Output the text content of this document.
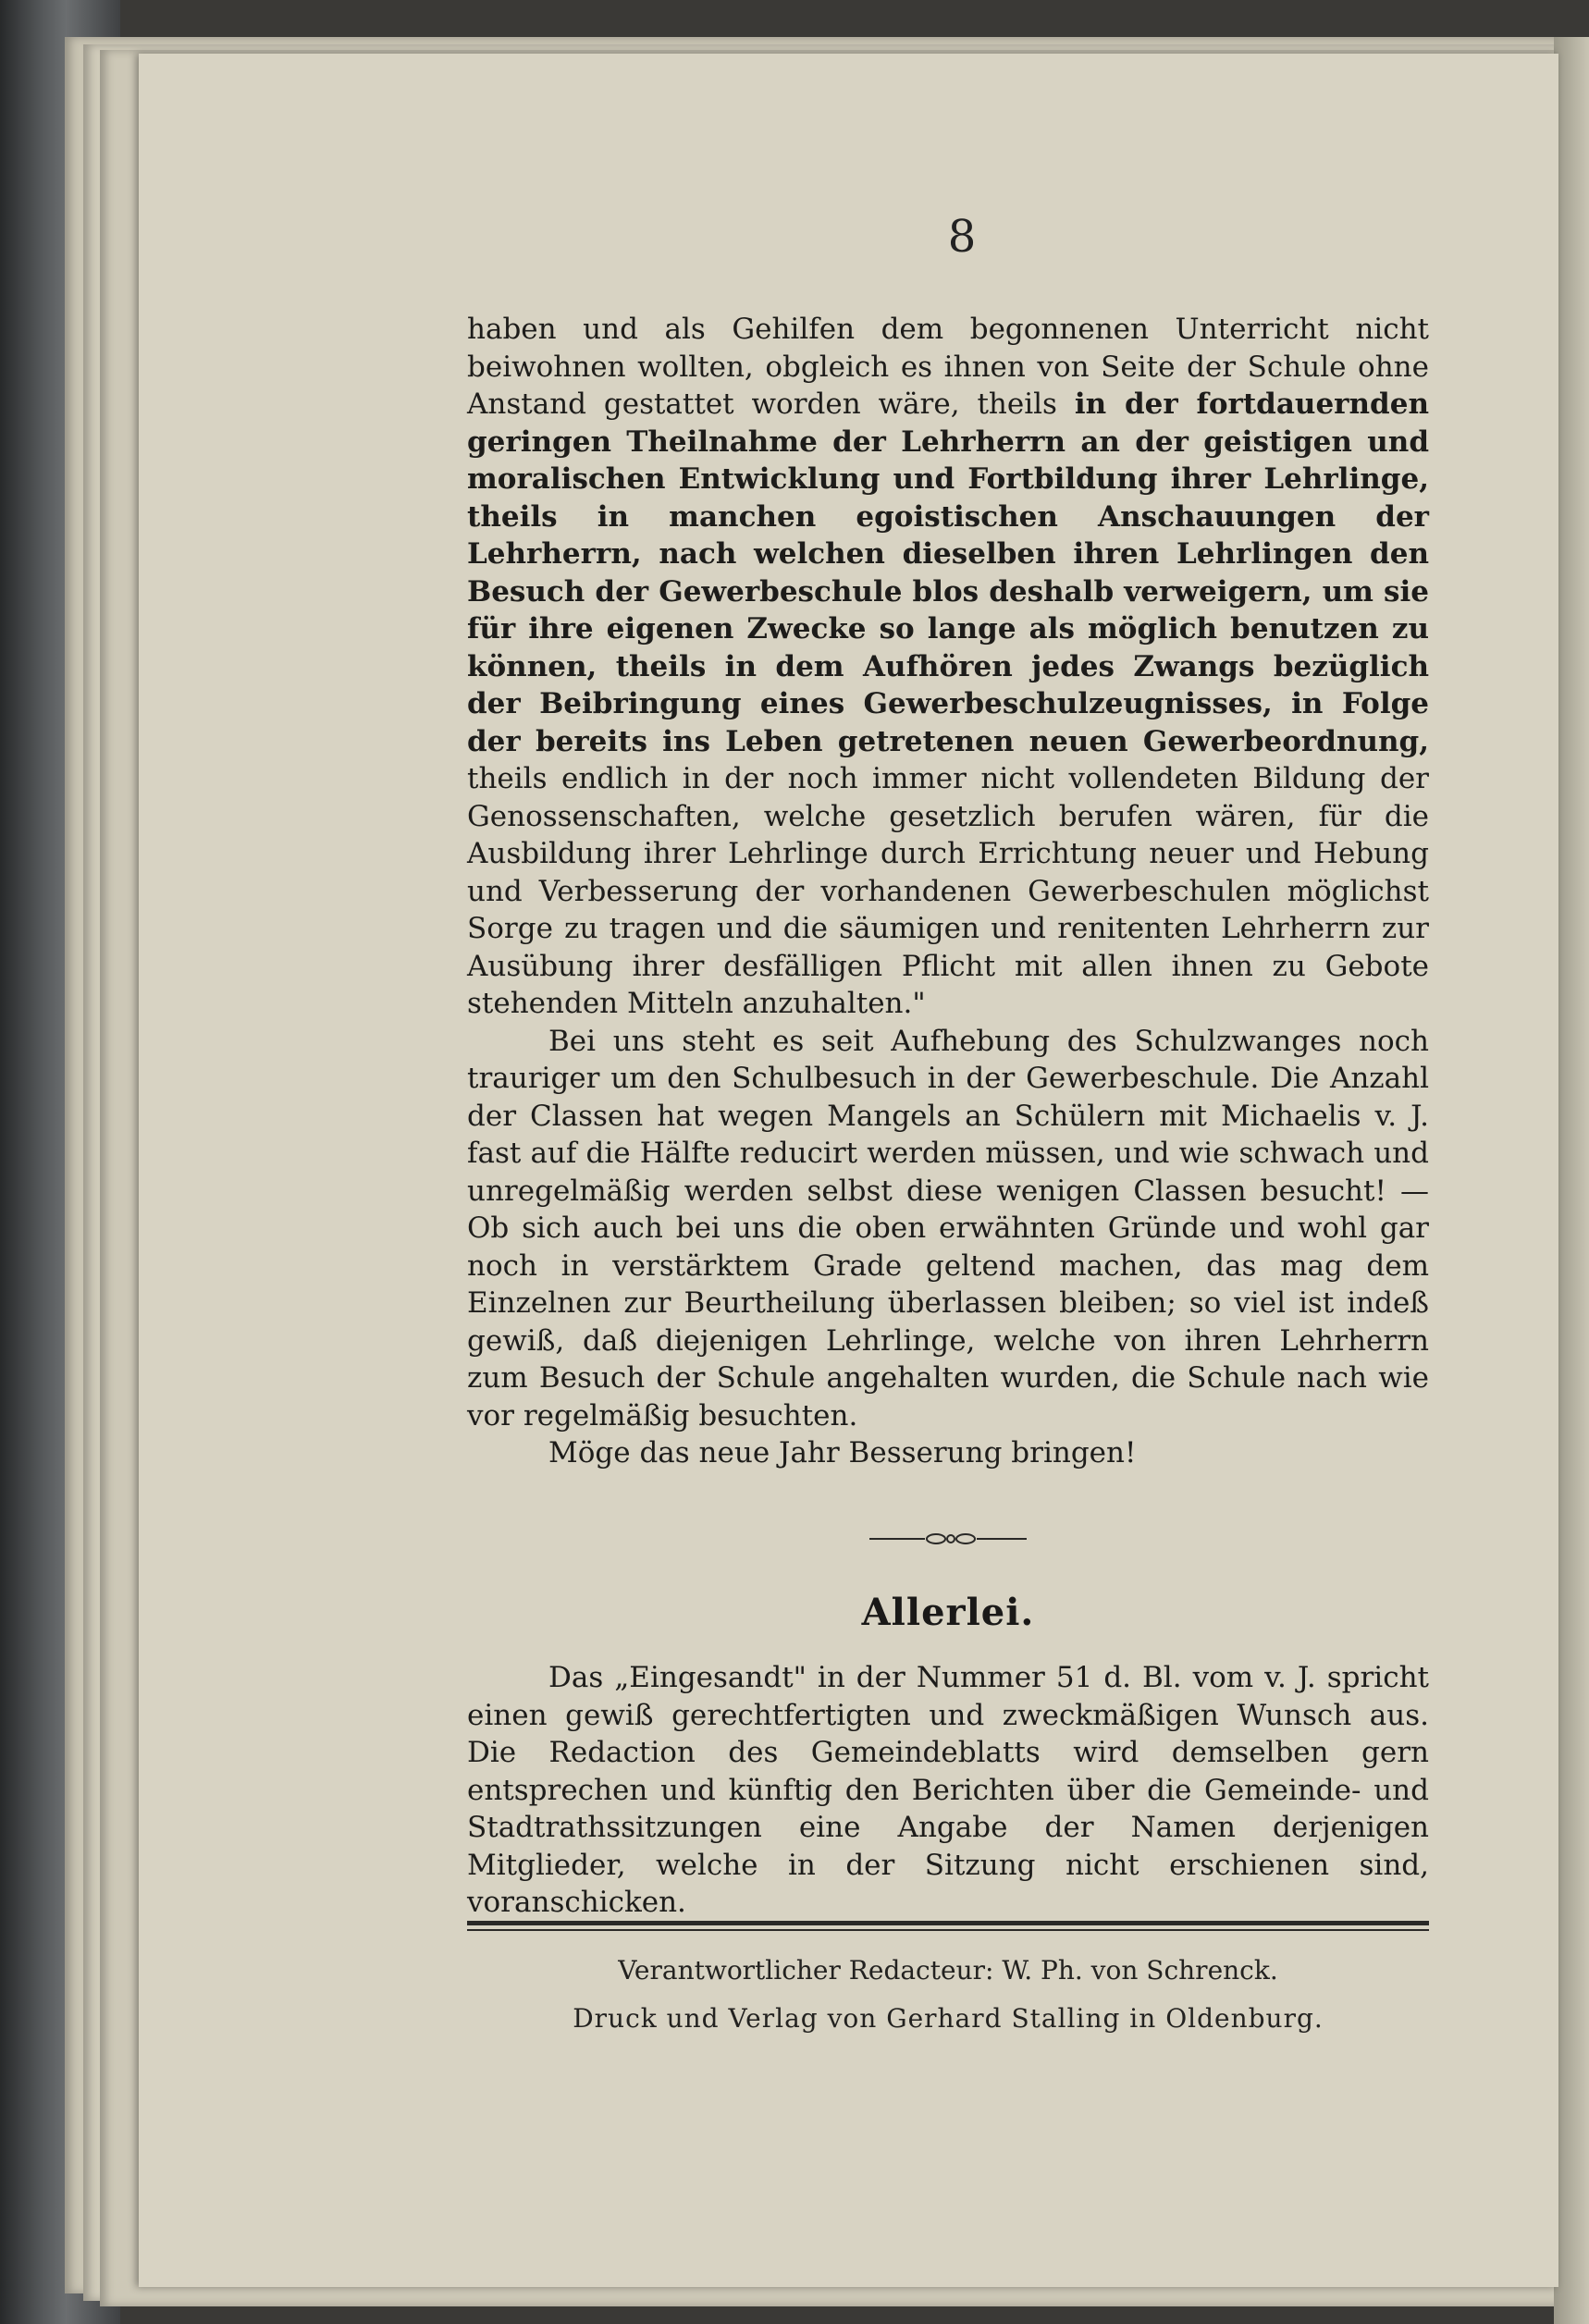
8

haben und als Gehilfen dem begonnenen Unterricht nicht beiwohnen wollten, obgleich es ihnen von Seite der Schule ohne Anstand gestattet worden wäre, theils in der fortdauernden geringen Theilnahme der Lehrherrn an der geistigen und moralischen Entwicklung und Fortbildung ihrer Lehrlinge, theils in manchen egoistischen Anschauungen der Lehrherrn, nach welchen dieselben ihren Lehrlingen den Besuch der Gewerbeschule blos deshalb verweigern, um sie für ihre eigenen Zwecke so lange als möglich benutzen zu können, theils in dem Aufhören jedes Zwangs bezüglich der Beibringung eines Gewerbeschulzeugnisses, in Folge der bereits ins Leben getretenen neuen Gewerbeordnung, theils endlich in der noch immer nicht vollendeten Bildung der Genossenschaften, welche gesetzlich berufen wären, für die Ausbildung ihrer Lehrlinge durch Errichtung neuer und Hebung und Verbesserung der vorhandenen Gewerbeschulen möglichst Sorge zu tragen und die säumigen und renitenten Lehrherrn zur Ausübung ihrer desfälligen Pflicht mit allen ihnen zu Gebote stehenden Mitteln anzuhalten."

Bei uns steht es seit Aufhebung des Schulzwanges noch trauriger um den Schulbesuch in der Gewerbeschule. Die Anzahl der Classen hat wegen Mangels an Schülern mit Michaelis v. J. fast auf die Hälfte reducirt werden müssen, und wie schwach und unregelmäßig werden selbst diese wenigen Classen besucht! — Ob sich auch bei uns die oben erwähnten Gründe und wohl gar noch in verstärktem Grade geltend machen, das mag dem Einzelnen zur Beurtheilung überlassen bleiben; so viel ist indeß gewiß, daß diejenigen Lehrlinge, welche von ihren Lehrherrn zum Besuch der Schule angehalten wurden, die Schule nach wie vor regelmäßig besuchten.

Möge das neue Jahr Besserung bringen!

Allerlei.

Das „Eingesandt" in der Nummer 51 d. Bl. vom v. J. spricht einen gewiß gerechtfertigten und zweckmäßigen Wunsch aus. Die Redaction des Gemeindeblatts wird demselben gern entsprechen und künftig den Berichten über die Gemeinde- und Stadtrathssitzungen eine Angabe der Namen derjenigen Mitglieder, welche in der Sitzung nicht erschienen sind, voranschicken.

Verantwortlicher Redacteur: W. Ph. von Schrenck.
Druck und Verlag von Gerhard Stalling in Oldenburg.
